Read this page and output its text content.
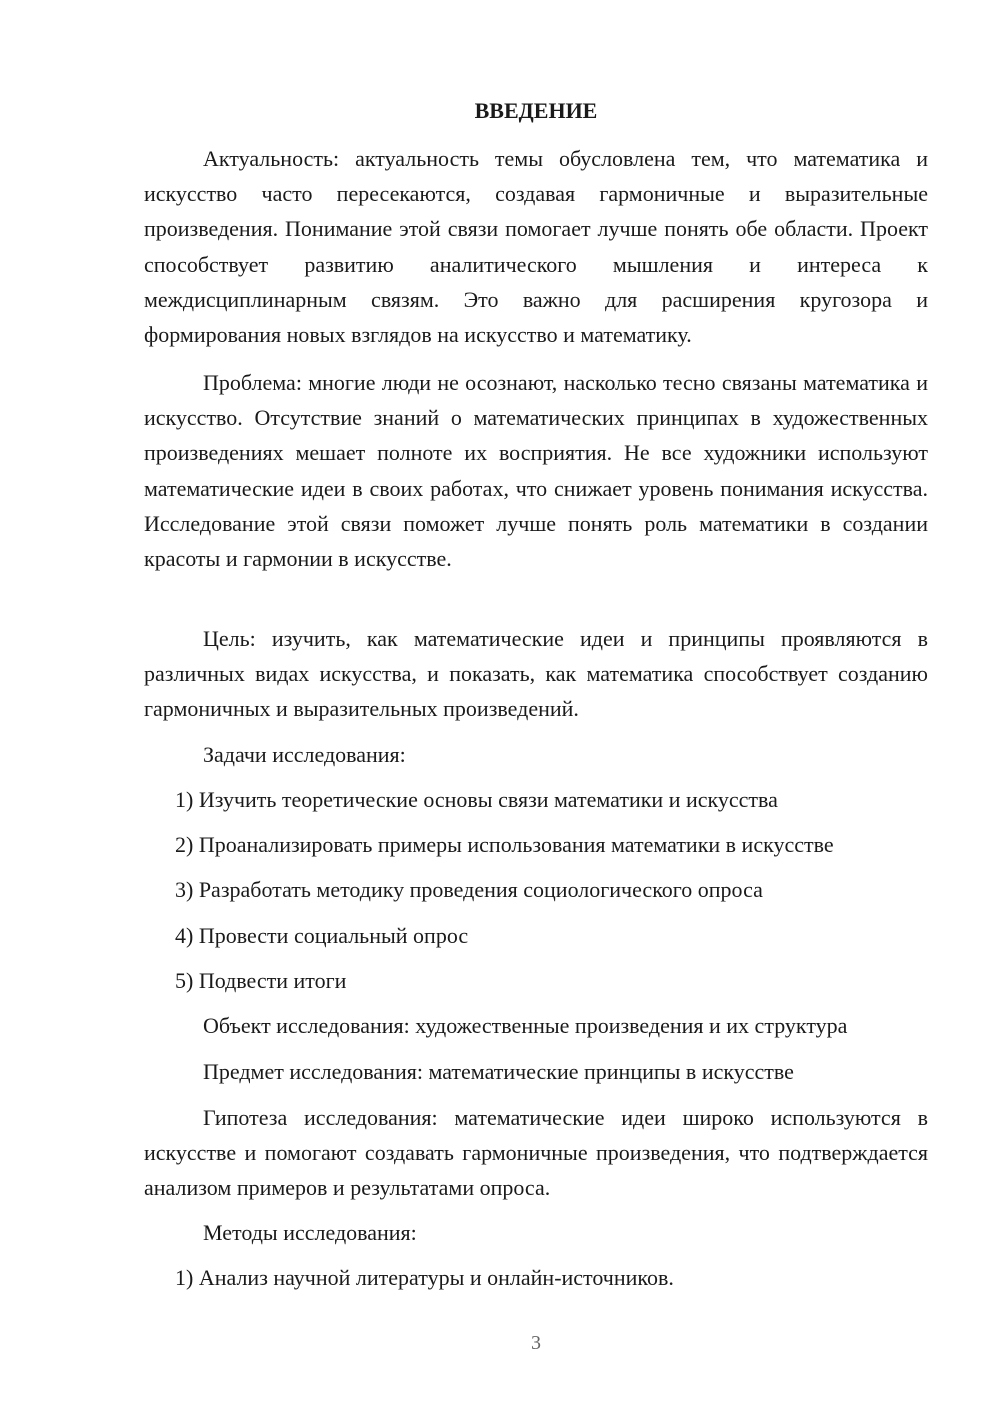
ВВЕДЕНИЕ

Актуальность: актуальность темы обусловлена тем, что математика и искусство часто пересекаются, создавая гармоничные и выразительные произведения. Понимание этой связи помогает лучше понять обе области. Проект способствует развитию аналитического мышления и интереса к междисциплинарным связям. Это важно для расширения кругозора и формирования новых взглядов на искусство и математику.

Проблема: многие люди не осознают, насколько тесно связаны математика и искусство. Отсутствие знаний о математических принципах в художественных произведениях мешает полноте их восприятия. Не все художники используют математические идеи в своих работах, что снижает уровень понимания искусства. Исследование этой связи поможет лучше понять роль математики в создании красоты и гармонии в искусстве.

Цель: изучить, как математические идеи и принципы проявляются в различных видах искусства, и показать, как математика способствует созданию гармоничных и выразительных произведений.

Задачи исследования:
1) Изучить теоретические основы связи математики и искусства
2) Проанализировать примеры использования математики в искусстве
3) Разработать методику проведения социологического опроса
4) Провести социальный опрос
5) Подвести итоги
Объект исследования: художественные произведения и их структура
Предмет исследования: математические принципы в искусстве

Гипотеза исследования: математические идеи широко используются в искусстве и помогают создавать гармоничные произведения, что подтверждается анализом примеров и результатами опроса.

Методы исследования:
1) Анализ научной литературы и онлайн-источников.
3
